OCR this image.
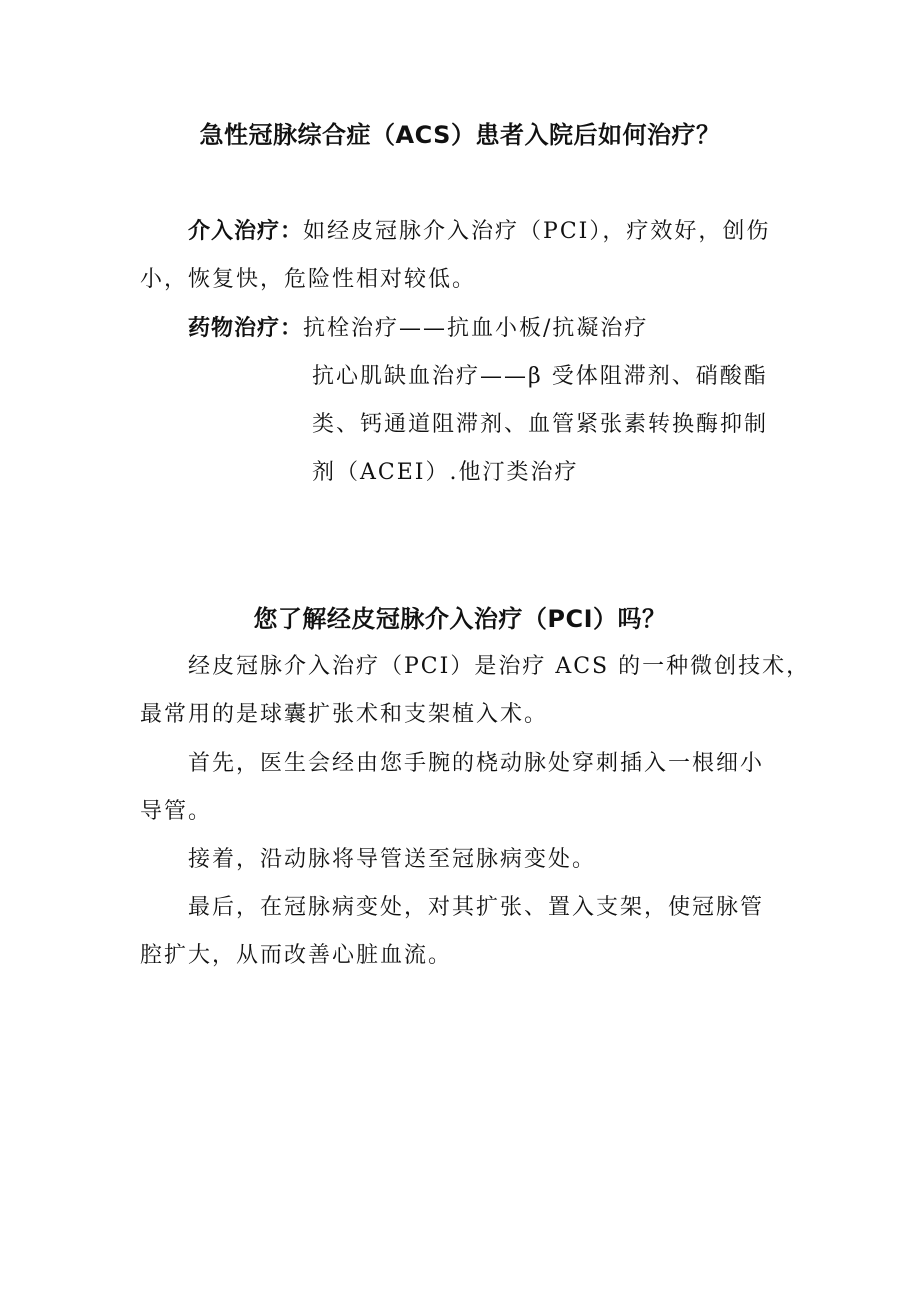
急性冠脉综合症（ACS）患者入院后如何治疗？
介入治疗：如经皮冠脉介入治疗（PCI），疗效好，创伤
小，恢复快，危险性相对较低。
药物治疗：抗栓治疗——抗血小板/抗凝治疗
抗心肌缺血治疗——β 受体阻滞剂、硝酸酯
类、钙通道阻滞剂、血管紧张素转换酶抑制
剂（ACEI）.他汀类治疗
您了解经皮冠脉介入治疗（PCI）吗？
经皮冠脉介入治疗（PCI）是治疗 ACS 的一种微创技术，
最常用的是球囊扩张术和支架植入术。
首先，医生会经由您手腕的桡动脉处穿刺插入一根细小
导管。
接着，沿动脉将导管送至冠脉病变处。
最后，在冠脉病变处，对其扩张、置入支架，使冠脉管
腔扩大，从而改善心脏血流。
